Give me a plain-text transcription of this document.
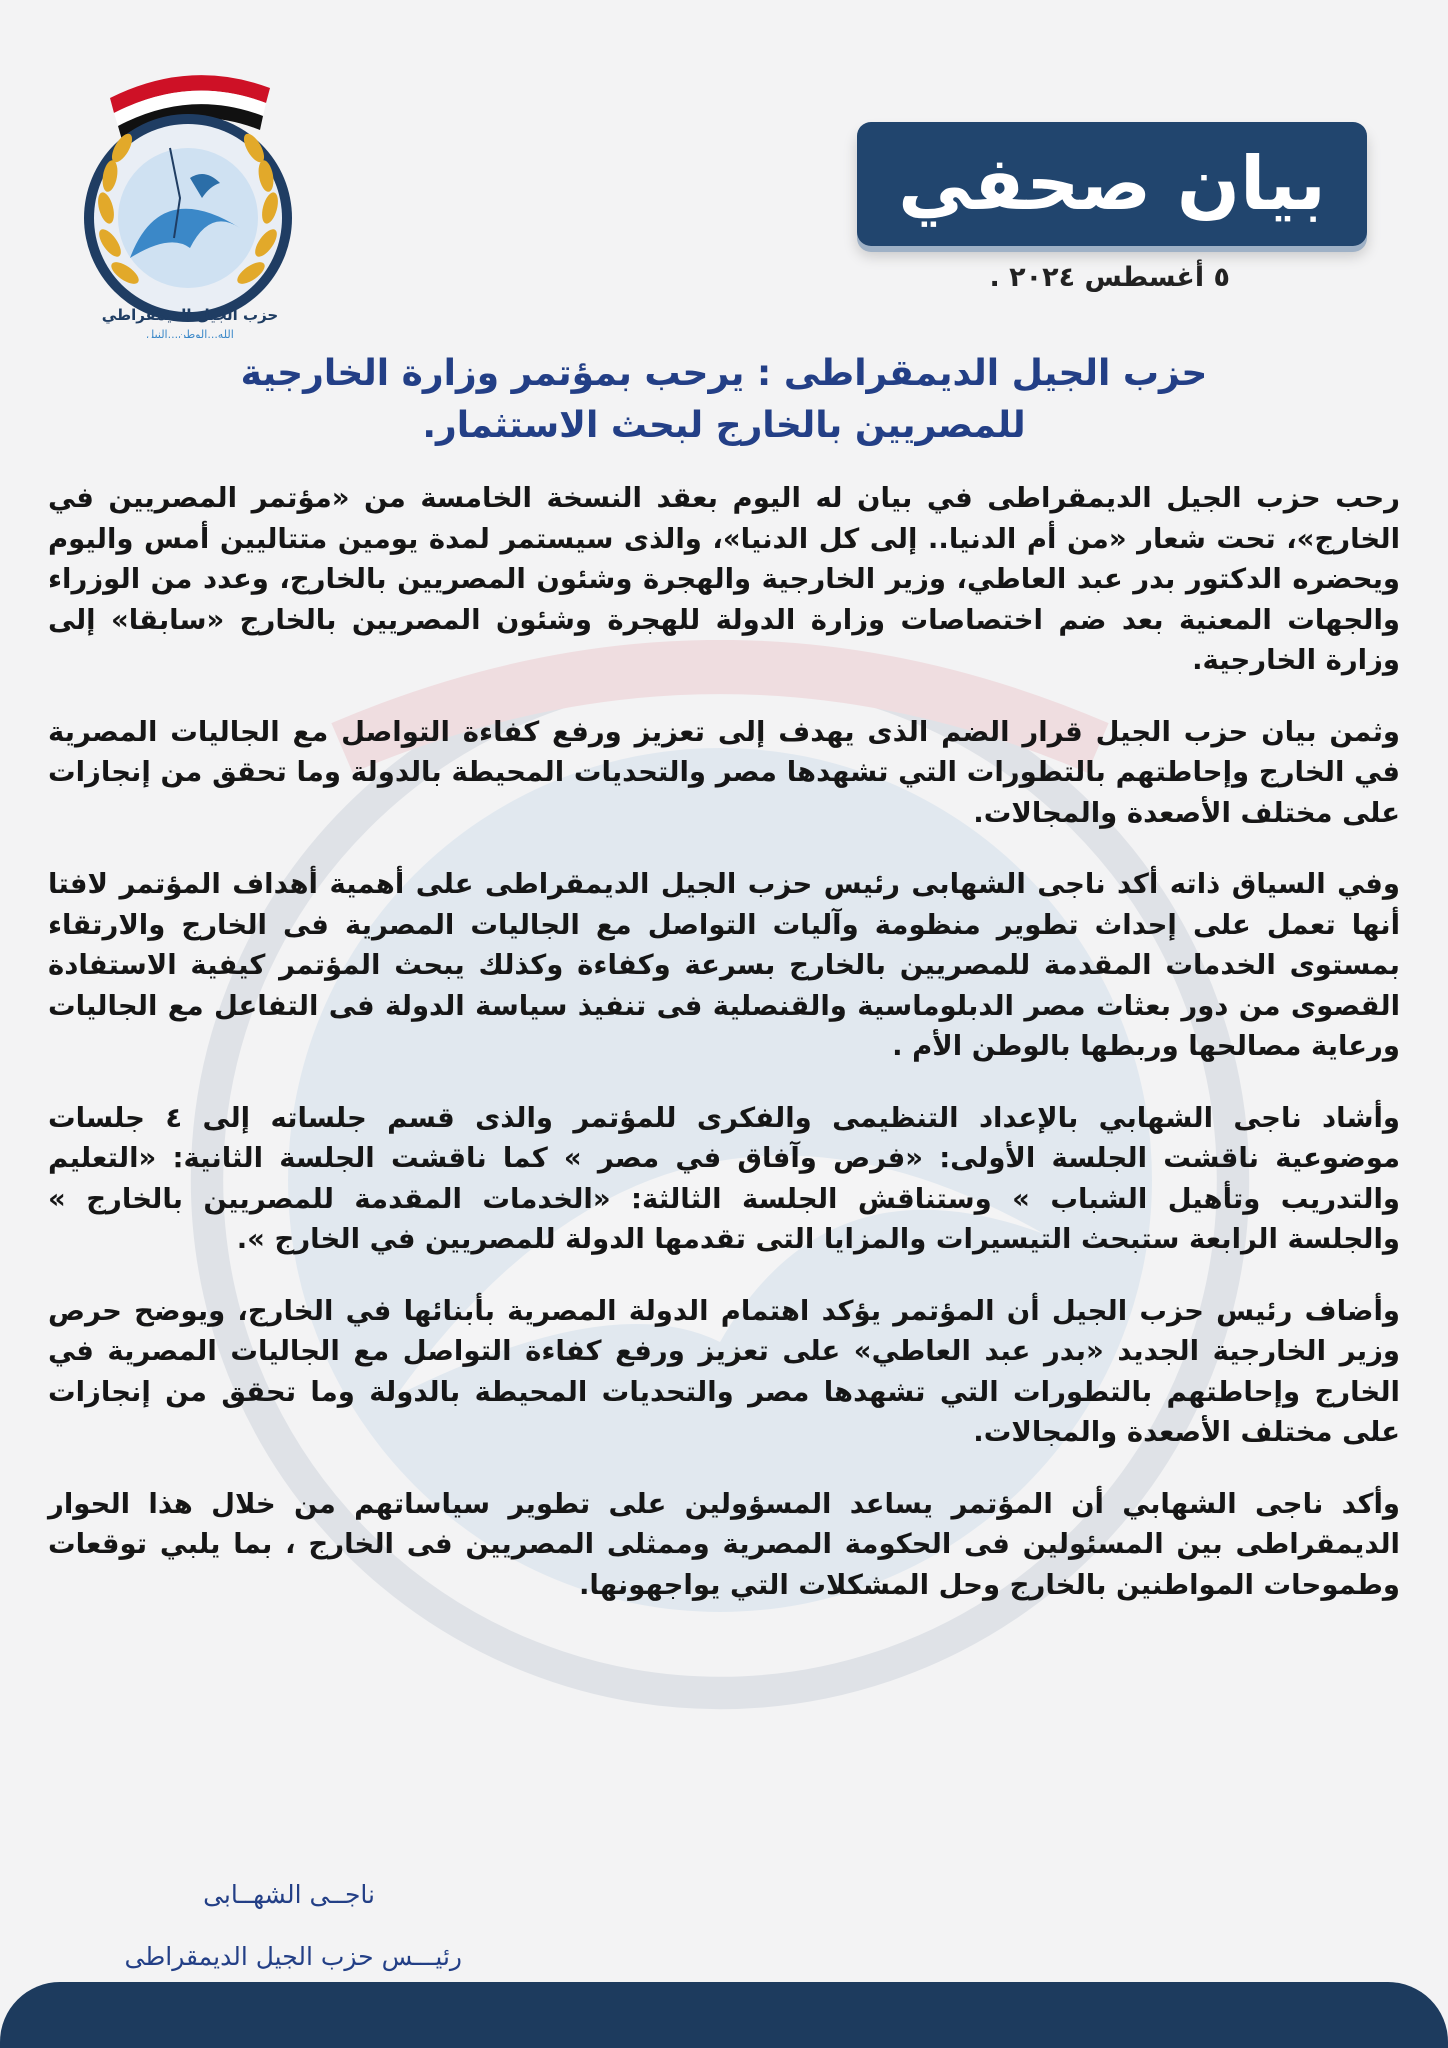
حزب الجيل الديمقراطي
الله...الوطن...النيل
بيان صحفي
٥ أغسطس ٢٠٢٤ .
حزب الجيل الديمقراطى : يرحب بمؤتمر وزارة الخارجية
للمصريين بالخارج لبحث الاستثمار.

رحب حزب الجيل الديمقراطى في بيان له اليوم بعقد النسخة الخامسة من «مؤتمر المصريين في الخارج»، تحت شعار «من أم الدنيا.. إلى كل الدنيا»، والذى سيستمر لمدة يومين متتاليين أمس واليوم ويحضره الدكتور بدر عبد العاطي، وزير الخارجية والهجرة وشئون المصريين بالخارج، وعدد من الوزراء والجهات المعنية بعد ضم اختصاصات وزارة الدولة للهجرة وشئون المصريين بالخارج «سابقا» إلى وزارة الخارجية.

وثمن بيان حزب الجيل قرار الضم الذى يهدف إلى تعزيز ورفع كفاءة التواصل مع الجاليات المصرية في الخارج وإحاطتهم بالتطورات التي تشهدها مصر والتحديات المحيطة بالدولة وما تحقق من إنجازات على مختلف الأصعدة والمجالات.

وفي السياق ذاته أكد ناجى الشهابى رئيس حزب الجيل الديمقراطى على أهمية أهداف المؤتمر لافتا أنها تعمل على إحداث تطوير منظومة وآليات التواصل مع الجاليات المصرية فى الخارج والارتقاء بمستوى الخدمات المقدمة للمصريين بالخارج بسرعة وكفاءة وكذلك يبحث المؤتمر كيفية الاستفادة القصوى من دور بعثات مصر الدبلوماسية والقنصلية فى تنفيذ سياسة الدولة فى التفاعل مع الجاليات ورعاية مصالحها وربطها بالوطن الأم .

وأشاد ناجى الشهابي بالإعداد التنظيمى والفكرى للمؤتمر والذى قسم جلساته إلى ٤ جلسات موضوعية ناقشت الجلسة الأولى: «فرص وآفاق في مصر » كما ناقشت الجلسة الثانية: «التعليم والتدريب وتأهيل الشباب » وستناقش الجلسة الثالثة: «الخدمات المقدمة للمصريين بالخارج » والجلسة الرابعة ستبحث التيسيرات والمزايا التى تقدمها الدولة للمصريين في الخارج ».

وأضاف رئيس حزب الجيل أن المؤتمر يؤكد اهتمام الدولة المصرية بأبنائها في الخارج، ويوضح حرص وزير الخارجية الجديد «بدر عبد العاطي» على تعزيز ورفع كفاءة التواصل مع الجاليات المصرية في الخارج وإحاطتهم بالتطورات التي تشهدها مصر والتحديات المحيطة بالدولة وما تحقق من إنجازات على مختلف الأصعدة والمجالات.

وأكد ناجى الشهابي أن المؤتمر يساعد المسؤولين على تطوير سياساتهم من خلال هذا الحوار الديمقراطى بين المسئولين فى الحكومة المصرية وممثلى المصريين فى الخارج ، بما يلبي توقعات وطموحات المواطنين بالخارج وحل المشكلات التي يواجهونها.

ناجــى الشهــابى
رئيـــس حزب الجيل الديمقراطى
